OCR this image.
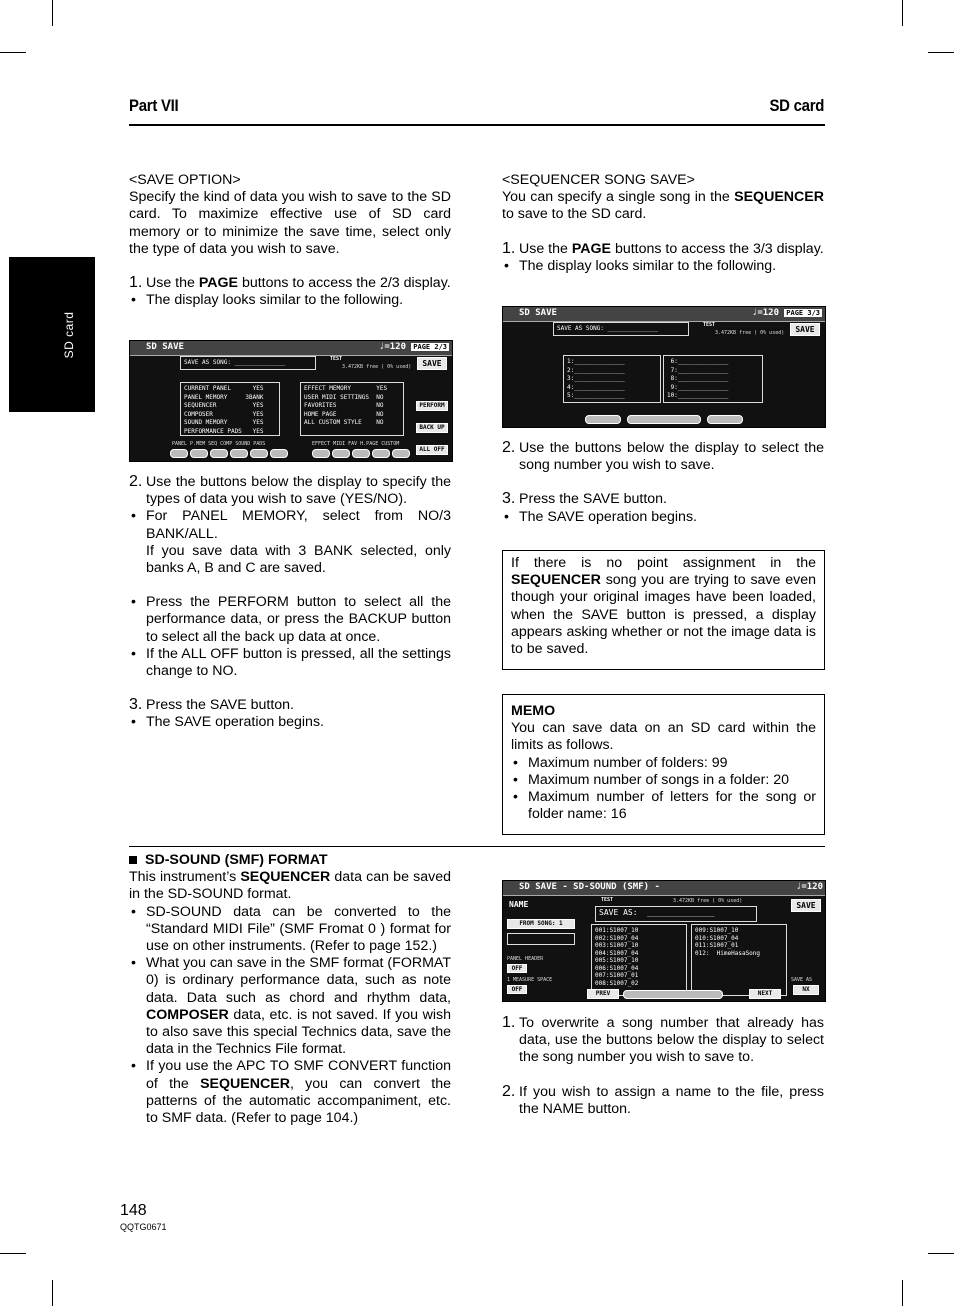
Part VII	SD card
SD card

<SAVE OPTION>

Specify the kind of data you wish to save to the SD card. To maximize effective use of SD card memory or to minimize the save time, select only the type of data you wish to save.

1. Use the PAGE buttons to access the 2/3 display.

• The display looks similar to the following.

SD SAVE	♩=120 PAGE 2/3
SAVE AS SONG: ______________	TEST
3.472KB free ( 0% used)	SAVE
CURRENT PANEL      YES
PANEL MEMORY     3BANK
SEQUENCER          YES
COMPOSER           YES
SOUND MEMORY       YES
PERFORMANCE PADS   YES
EFFECT MEMORY       YES
USER MIDI SETTINGS  NO
FAVORITES           NO
HOME PAGE           NO
ALL CUSTOM STYLE    NO
PERFORM
BACK UP
ALL OFF
PANEL P.MEM SEQ COMP SOUND PADS	EFFECT MIDI FAV H.PAGE CUSTOM

2. Use the buttons below the display to specify the types of data you wish to save (YES/NO).

• For PANEL MEMORY, select from NO/3 BANK/ALL.

If you save data with 3 BANK selected, only banks A, B and C are saved.

• Press the PERFORM button to select all the performance data, or press the BACKUP button to select all the back up data at once.

• If the ALL OFF button is pressed, all the settings change to NO.

3. Press the SAVE button.

• The SAVE operation begins.

<SEQUENCER SONG SAVE>

You can specify a single song in the SEQUENCER to save to the SD card.

1. Use the PAGE buttons to access the 3/3 display.

• The display looks similar to the following.

SD SAVE	♩=120 PAGE 3/3
SAVE AS SONG: ______________	TEST
3.472KB free ( 0% used)	SAVE
1:______________
2:______________
3:______________
4:______________
5:______________
6:______________
7:______________
8:______________
9:______________
10:______________

2. Use the buttons below the display to select the song number you wish to save.

3. Press the SAVE button.

• The SAVE operation begins.

If there is no point assignment in the SEQUENCER song you are trying to save even though your original images have been loaded, when the SAVE button is pressed, a display appears asking whether or not the image data is to be saved.

MEMO

You can save data on an SD card within the limits as follows.

• Maximum number of folders: 99

• Maximum number of songs in a folder: 20

• Maximum number of letters for the song or folder name: 16

SD-SOUND (SMF) FORMAT

This instrument’s SEQUENCER data can be saved in the SD-SOUND format.

• SD-SOUND data can be converted to the “Standard MIDI File” (SMF Fromat 0 ) format for use on other instruments. (Refer to page 152.)

• What you can save in the SMF format (FORMAT 0) is ordinary performance data, such as note data. Data such as chord and rhythm data, COMPOSER data, etc. is not saved. If you wish to also save this special Technics data, save the data in the Technics File format.

• If you use the APC TO SMF CONVERT function of the SEQUENCER, you can convert the patterns of the automatic accompaniment, etc. to SMF data. (Refer to page 104.)

SD SAVE - SD-SOUND (SMF) -	♩=120
NAME
FROM SONG: 1
TEST	3.472KB free ( 0% used)
SAVE AS:  ______________
SAVE
001:S1007_10
002:S1007_04
003:S1007_10
004:S1007_04
005:S1007_10
006:S1007_04
007:S1007_01
008:S1007_02
009:S1007_10
010:S1007_04
011:S1007_01
012:  HimeHasaSong
PANEL HEADER
OFF
1 MEASURE SPACE
OFF
SAVE AS
NX
PREV	NEXT

1. To overwrite a song number that already has data, use the buttons below the display to select the song number you wish to save to.

2. If you wish to assign a name to the file, press the NAME button.

148
QQTG0671
